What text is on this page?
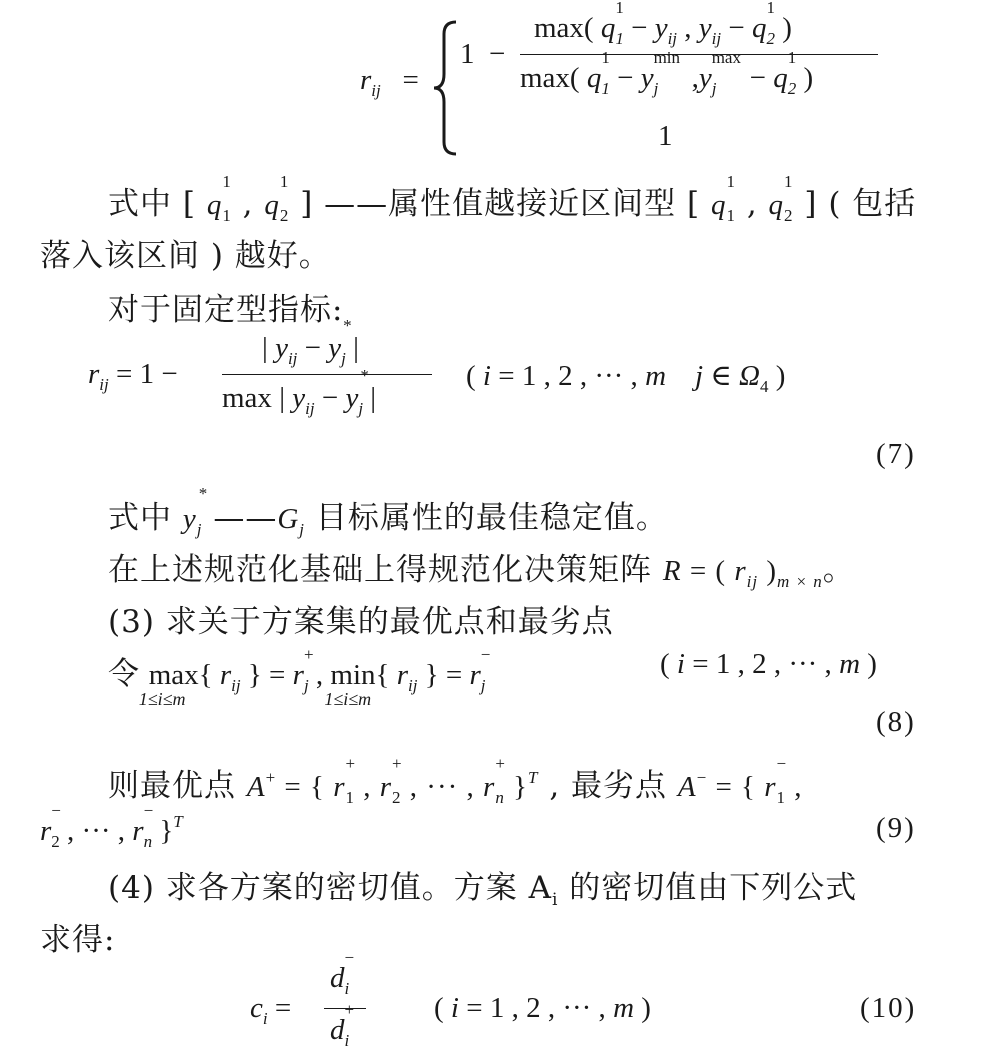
$r_{ij}$   =
1 −
max( q
1
$_1 - y_{ij}$ , $y_{ij} - q$
1
$_2$ )
max( q
1
$_1$ − y
min
$_j$ ,y
max
$_j$ − q
1
$_2$ )
1
式中 [ q
1
$_1$ , q
1
$_2$ ] ——属性值越接近区间型 [ q
1
$_1$ , q
1
$_2$ ] ( 包括
落入该区间 ) 越好。
对于固定型指标:
$r_{ij} = 1$ −
| $y_{ij} - y$
*
$_j$ |
max | $y_{ij} - y$
*
$_j$ |
( i = 1 , 2 , ··· , m j ∈ $\Omega_4$ )
(7)
式中 y
*
$_j$ $——G_j$ 目标属性的最佳稳定值。
在上述规范化基础上得规范化决策矩阵 R = ( $r_{ij}$ )$_{m \times n}$。
(3) 求关于方案集的最优点和最劣点
令 max
1≤i≤m
{ $r_{ij}$ } = r
+
$_j$ , min
1≤i≤m
{ $r_{ij}$ } = r
−
$_j$
( i = 1 , 2 , ··· , m )
(8)
则最优点 A+ = { r
+
$_1$ , r
+
$_2$ , ··· , r
+
$_n$ }$^T$ , 最劣点 A− = { r
−
$_1$ ,
r
−
$_2$ , ··· , r
−
$_n$ }$^T$	(9)
(4) 求各方案的密切值。方案 $A_i$ 的密切值由下列公式
求得:
$c_i$ =
d
−
$_i$
d
+
$_i$
( i = 1 , 2 , ··· , m )	(10)
